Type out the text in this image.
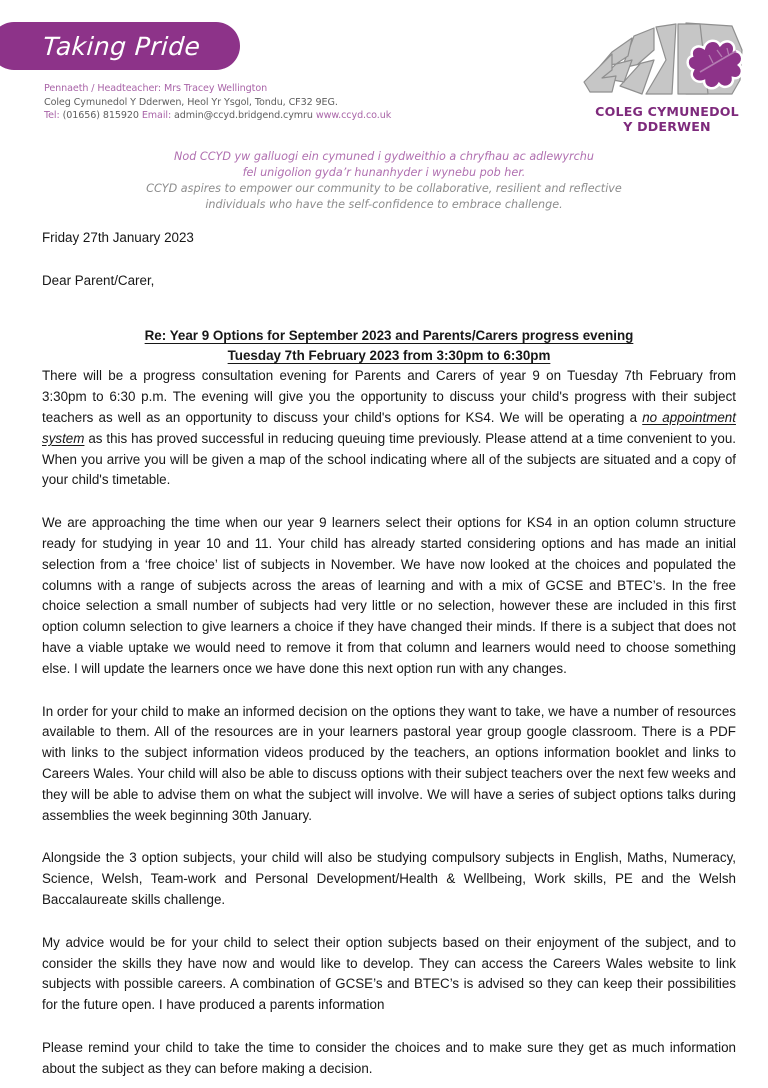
Taking Pride
Pennaeth / Headteacher: Mrs Tracey Wellington
Coleg Cymunedol Y Dderwen, Heol Yr Ysgol, Tondu, CF32 9EG.
Tel: (01656) 815920 Email: admin@ccyd.bridgend.cymru www.ccyd.co.uk	COLEG CYMUNEDOL
Y DDERWEN
Nod CCYD yw galluogi ein cymuned i gydweithio a chryfhau ac adlewyrchu
fel unigolion gyda’r hunanhyder i wynebu pob her.
CCYD aspires to empower our community to be collaborative, resilient and reflective
individuals who have the self-confidence to embrace challenge.
Friday 27th January 2023
Dear Parent/Carer,
Re: Year 9 Options for September 2023 and Parents/Carers progress evening
Tuesday 7th February 2023 from 3:30pm to 6:30pm

There will be a progress consultation evening for Parents and Carers of year 9 on Tuesday 7th February from 3:30pm to 6:30 p.m. The evening will give you the opportunity to discuss your child's progress with their subject teachers as well as an opportunity to discuss your child's options for KS4. We will be operating a no appointment system as this has proved successful in reducing queuing time previously. Please attend at a time convenient to you. When you arrive you will be given a map of the school indicating where all of the subjects are situated and a copy of your child's timetable.

We are approaching the time when our year 9 learners select their options for KS4 in an option column structure ready for studying in year 10 and 11. Your child has already started considering options and has made an initial selection from a ‘free choice’ list of subjects in November. We have now looked at the choices and populated the columns with a range of subjects across the areas of learning and with a mix of GCSE and BTEC’s. In the free choice selection a small number of subjects had very little or no selection, however these are included in this first option column selection to give learners a choice if they have changed their minds. If there is a subject that does not have a viable uptake we would need to remove it from that column and learners would need to choose something else. I will update the learners once we have done this next option run with any changes.

In order for your child to make an informed decision on the options they want to take, we have a number of resources available to them. All of the resources are in your learners pastoral year group google classroom. There is a PDF with links to the subject information videos produced by the teachers, an options information booklet and links to Careers Wales. Your child will also be able to discuss options with their subject teachers over the next few weeks and they will be able to advise them on what the subject will involve. We will have a series of subject options talks during assemblies the week beginning 30th January.

Alongside the 3 option subjects, your child will also be studying compulsory subjects in English, Maths, Numeracy, Science, Welsh, Team-work and Personal Development/Health & Wellbeing, Work skills, PE and the Welsh Baccalaureate skills challenge.

My advice would be for your child to select their option subjects based on their enjoyment of the subject, and to consider the skills they have now and would like to develop. They can access the Careers Wales website to link subjects with possible careers. A combination of GCSE’s and BTEC’s is advised so they can keep their possibilities for the future open. I have produced a parents information

Please remind your child to take the time to consider the choices and to make sure they get as much information about the subject as they can before making a decision.
